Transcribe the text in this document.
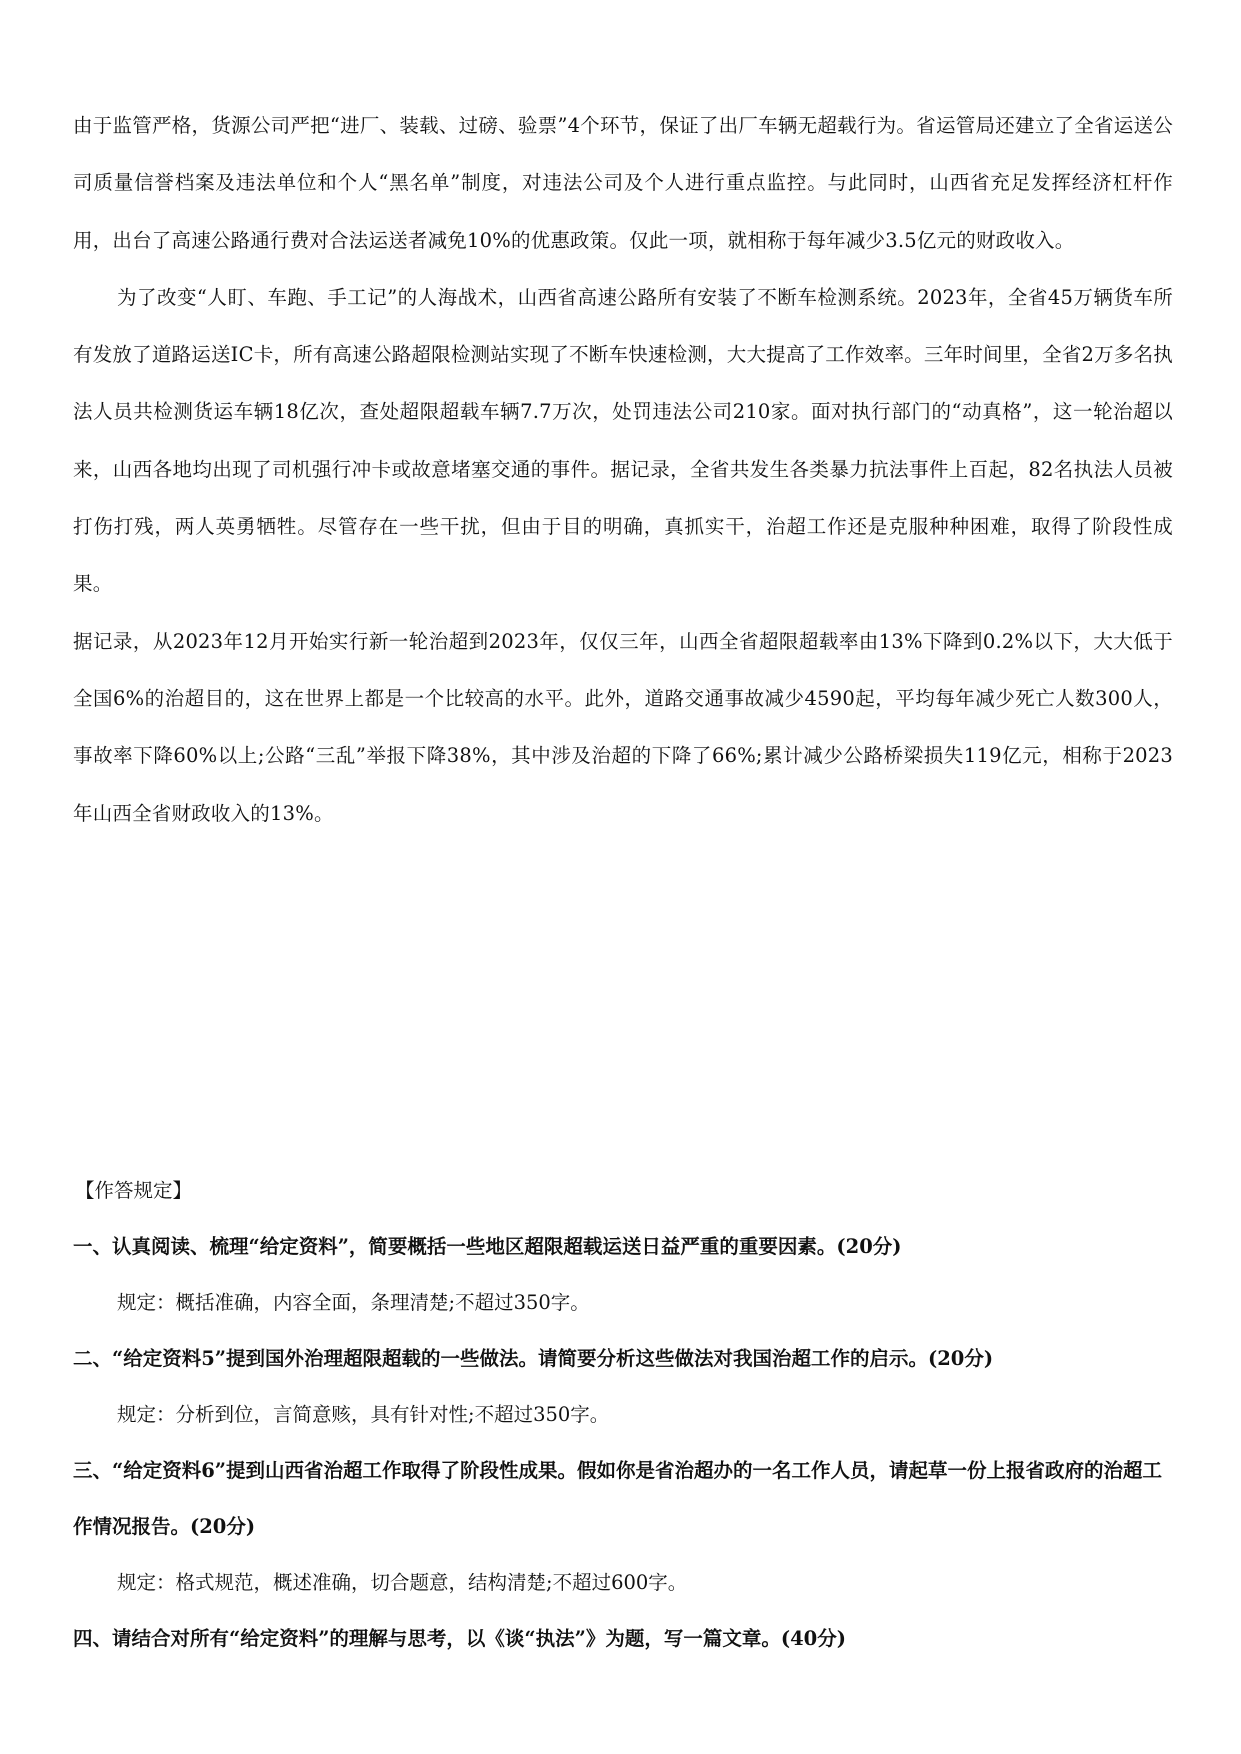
由于监管严格，货源公司严把“进厂、装载、过磅、验票”4个环节，保证了出厂车辆无超载行为。省运管局还建立了全省运送公司质量信誉档案及违法单位和个人“黑名单”制度，对违法公司及个人进行重点监控。与此同时，山西省充足发挥经济杠杆作用，出台了高速公路通行费对合法运送者减免10%的优惠政策。仅此一项，就相称于每年减少3.5亿元的财政收入。

为了改变“人盯、车跑、手工记”的人海战术，山西省高速公路所有安装了不断车检测系统。2023年，全省45万辆货车所有发放了道路运送IC卡，所有高速公路超限检测站实现了不断车快速检测，大大提高了工作效率。三年时间里，全省2万多名执法人员共检测货运车辆18亿次，查处超限超载车辆7.7万次，处罚违法公司210家。面对执行部门的“动真格”，这一轮治超以来，山西各地均出现了司机强行冲卡或故意堵塞交通的事件。据记录，全省共发生各类暴力抗法事件上百起，82名执法人员被打伤打残，两人英勇牺牲。尽管存在一些干扰，但由于目的明确，真抓实干，治超工作还是克服种种困难，取得了阶段性成果。

据记录，从2023年12月开始实行新一轮治超到2023年，仅仅三年，山西全省超限超载率由13%下降到0.2%以下，大大低于全国6%的治超目的，这在世界上都是一个比较高的水平。此外，道路交通事故减少4590起，平均每年减少死亡人数300人，事故率下降60%以上;公路“三乱”举报下降38%，其中涉及治超的下降了66%;累计减少公路桥梁损失119亿元，相称于2023年山西全省财政收入的13%。

【作答规定】

一、认真阅读、梳理“给定资料”，简要概括一些地区超限超载运送日益严重的重要因素。(20分)

规定：概括准确，内容全面，条理清楚;不超过350字。

二、“给定资料5”提到国外治理超限超载的一些做法。请简要分析这些做法对我国治超工作的启示。(20分)

规定：分析到位，言简意赅，具有针对性;不超过350字。

三、“给定资料6”提到山西省治超工作取得了阶段性成果。假如你是省治超办的一名工作人员，请起草一份上报省政府的治超工作情况报告。(20分)

规定：格式规范，概述准确，切合题意，结构清楚;不超过600字。

四、请结合对所有“给定资料”的理解与思考，以《谈“执法”》为题，写一篇文章。(40分)
